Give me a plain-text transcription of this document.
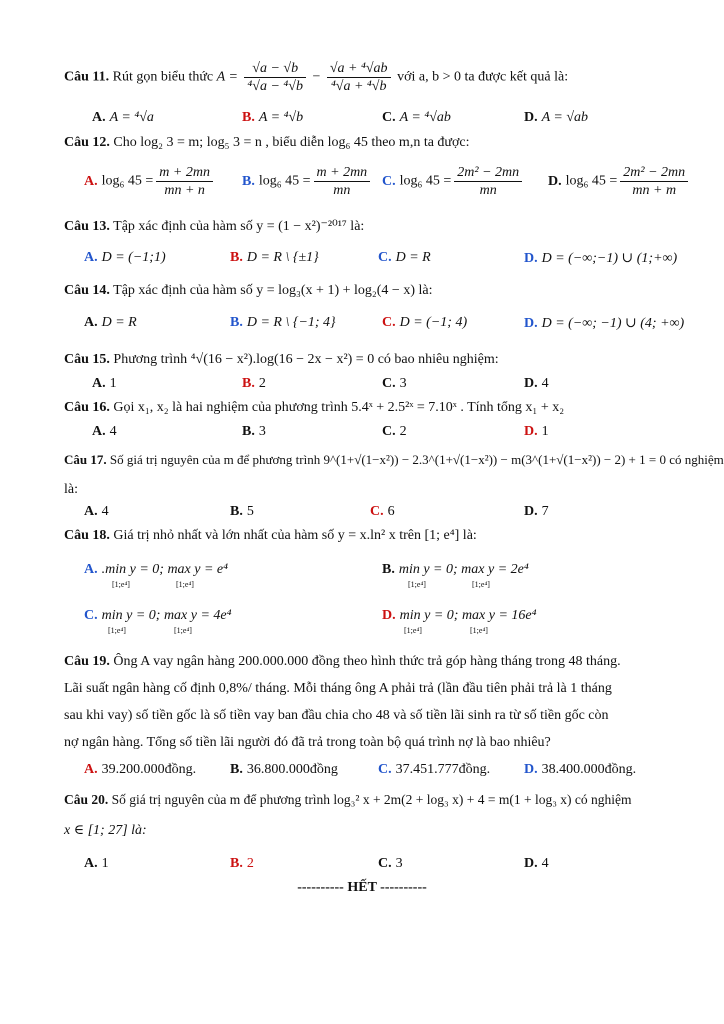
Câu 11. Rút gọn biểu thức $A = \frac{√a - √b}{\text{⁴√a − ⁴√b}} - \frac{\text{√a + ⁴√ab}}{\text{⁴√a + ⁴√b}}$ với a, b > 0 ta được kết quả là:
A. A = ⁴√a	B. A = ⁴√b	C. A = ⁴√ab	D. A = √ab
Câu 12. Cho log₂ 3 = m; log₅ 3 = n , biểu diễn log₆ 45 theo m,n ta được:
A. log₆ $45 = \frac{m + 2mn}{mn + n} B$. log₆ $45 = \frac{m + 2mn}{mn} C$. log₆ $45 = \frac{\text{2m² − 2mn}}{mn} D$. log₆ $45 = \frac{\text{2m² − 2mn}}{mn + m}$
Câu 13. Tập xác định của hàm số y = (1 − x²)⁻²⁰¹⁷ là:
A. D = (−1;1)	B. D = R \ {±1}	C. D = R	D. D = (−∞;−1) ∪ (1;+∞)
Câu 14. Tập xác định của hàm số y = log₃(x + 1) + log₂(4 − x) là:
A. D = R	B. D = R \ {−1; 4}	C. D = (−1; 4)	D. D = (−∞; −1) ∪ (4; +∞)
Câu 15. Phương trình ⁴√(16 − x²).log(16 − 2x − x²) = 0 có bao nhiêu nghiệm:
A. 1	B. 2	C. 3	D. 4
Câu 16. Gọi x₁, x₂ là hai nghiệm của phương trình 5.4ˣ + 2.5²ˣ = 7.10ˣ . Tính tổng x₁ + x₂
A. 4	B. 3	C. 2	D. 1
Câu 17. Số giá trị nguyên của m để phương trình 9^(1+√(1−x²)) − 2.3^(1+√(1−x²)) − m(3^(1+√(1−x²)) − 2) + 1 = 0 có nghiệm
là:
A. 4	B. 5	C. 6	D. 7
Câu 18. Giá trị nhỏ nhất và lớn nhất của hàm số y = x.ln² x trên [1; e⁴] là:
A. .min y = 0; max y = e⁴
[1;e⁴]	[1;e⁴]
B. min y = 0; max y = 2e⁴
[1;e⁴]	[1;e⁴]
C. min y = 0; max y = 4e⁴
[1;e⁴]	[1;e⁴]
D. min y = 0; max y = 16e⁴
[1;e⁴]	[1;e⁴]
Câu 19. Ông A vay ngân hàng 200.000.000 đồng theo hình thức trả góp hàng tháng trong 48 tháng.
Lãi suất ngân hàng cố định 0,8%/ tháng. Mỗi tháng ông A phải trả (lần đầu tiên phải trả là 1 tháng
sau khi vay) số tiền gốc là số tiền vay ban đầu chia cho 48 và số tiền lãi sinh ra từ số tiền gốc còn
nợ ngân hàng. Tổng số tiền lãi người đó đã trả trong toàn bộ quá trình nợ là bao nhiêu?
A. 39.200.000đồng. B. 36.800.000đồng	C. 37.451.777đồng. D. 38.400.000đồng.
Câu 20. Số giá trị nguyên của m để phương trình log₃² x + 2m(2 + log₃ x) + 4 = m(1 + log₃ x) có nghiệm
x ∈ [1; 27] là:
A. 1	B. 2	C. 3	D. 4
---------- HẾT ----------
